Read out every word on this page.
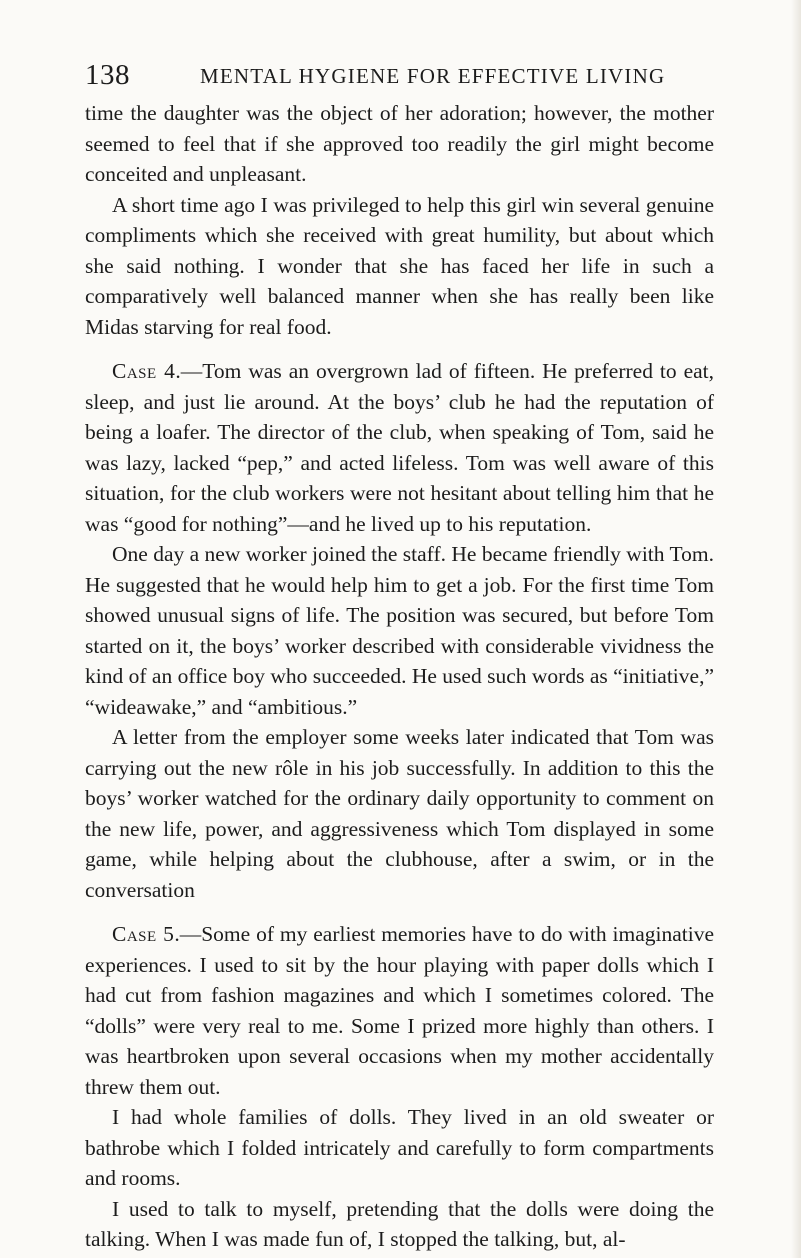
138	MENTAL HYGIENE FOR EFFECTIVE LIVING

time the daughter was the object of her adoration; however, the mother seemed to feel that if she approved too readily the girl might become conceited and unpleasant.

A short time ago I was privileged to help this girl win several genuine compliments which she received with great humility, but about which she said nothing. I wonder that she has faced her life in such a comparatively well balanced manner when she has really been like Midas starving for real food.

Case 4.—Tom was an overgrown lad of fifteen. He preferred to eat, sleep, and just lie around. At the boys’ club he had the reputation of being a loafer. The director of the club, when speaking of Tom, said he was lazy, lacked “pep,” and acted lifeless. Tom was well aware of this situation, for the club workers were not hesitant about telling him that he was “good for nothing”—and he lived up to his reputation.

One day a new worker joined the staff. He became friendly with Tom. He suggested that he would help him to get a job. For the first time Tom showed unusual signs of life. The position was secured, but before Tom started on it, the boys’ worker described with considerable vividness the kind of an office boy who succeeded. He used such words as “initiative,” “wideawake,” and “ambitious.”

A letter from the employer some weeks later indicated that Tom was carrying out the new rôle in his job successfully. In addition to this the boys’ worker watched for the ordinary daily opportunity to comment on the new life, power, and aggressiveness which Tom displayed in some game, while helping about the clubhouse, after a swim, or in the conversation

Case 5.—Some of my earliest memories have to do with imaginative experiences. I used to sit by the hour playing with paper dolls which I had cut from fashion magazines and which I sometimes colored. The “dolls” were very real to me. Some I prized more highly than others. I was heartbroken upon several occasions when my mother accidentally threw them out.

I had whole families of dolls. They lived in an old sweater or bathrobe which I folded intricately and carefully to form compartments and rooms.

I used to talk to myself, pretending that the dolls were doing the talking. When I was made fun of, I stopped the talking, but, al-
